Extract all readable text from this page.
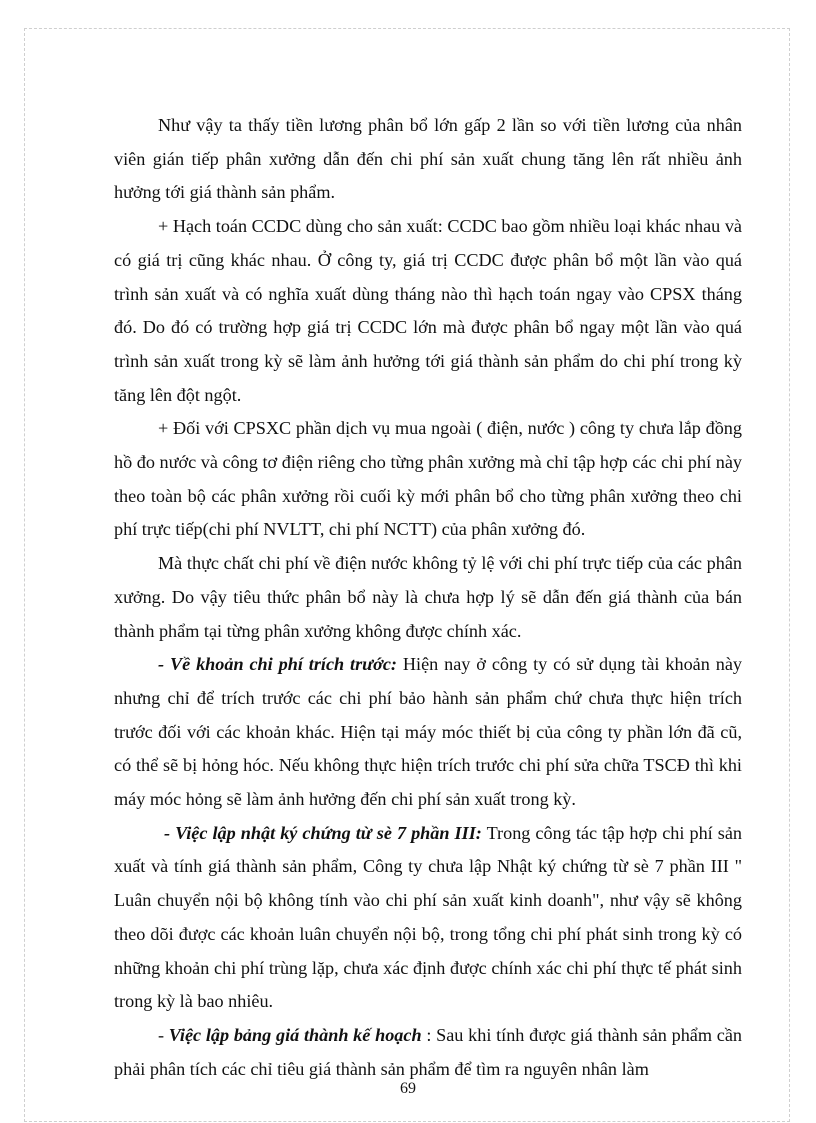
Như vậy ta thấy tiền lương phân bổ lớn gấp 2 lần so với tiền lương của nhân viên gián tiếp phân xưởng dẫn đến chi phí sản xuất chung tăng lên rất nhiều ảnh hưởng tới giá thành sản phẩm.

+ Hạch toán CCDC dùng cho sản xuất: CCDC bao gồm nhiều loại khác nhau và có giá trị cũng khác nhau. Ở công ty, giá trị CCDC được phân bổ một lần vào quá trình sản xuất và có nghĩa xuất dùng tháng nào thì hạch toán ngay vào CPSX tháng đó. Do đó có trường hợp giá trị CCDC lớn mà được phân bổ ngay một lần vào quá trình sản xuất trong kỳ sẽ làm ảnh hưởng tới giá thành sản phẩm do chi phí trong kỳ tăng lên đột ngột.

+ Đối với CPSXC phần dịch vụ mua ngoài ( điện, nước ) công ty chưa lắp đồng hồ đo nước và công tơ điện riêng cho từng phân xưởng mà chỉ tập hợp các chi phí này theo toàn bộ các phân xưởng rồi cuối kỳ mới phân bổ cho từng phân xưởng theo chi phí trực tiếp(chi phí NVLTT, chi phí NCTT) của phân xưởng đó.

Mà thực chất chi phí về điện nước không tỷ lệ với chi phí trực tiếp của các phân xưởng. Do vậy tiêu thức phân bổ này là chưa hợp lý sẽ dẫn đến giá thành của bán thành phẩm tại từng phân xưởng không được chính xác.

- Về khoản chi phí trích trước: Hiện nay ở công ty có sử dụng tài khoản này nhưng chỉ để trích trước các chi phí bảo hành sản phẩm chứ chưa thực hiện trích trước đối với các khoản khác. Hiện tại máy móc thiết bị của công ty phần lớn đã cũ, có thể sẽ bị hỏng hóc. Nếu không thực hiện trích trước chi phí sửa chữa TSCĐ thì khi máy móc hỏng sẽ làm ảnh hưởng đến chi phí sản xuất trong kỳ.

- Việc lập nhật ký chứng từ sè 7 phần III: Trong công tác tập hợp chi phí sản xuất và tính giá thành sản phẩm, Công ty chưa lập Nhật ký chứng từ sè 7 phần III " Luân chuyển nội bộ không tính vào chi phí sản xuất kinh doanh", như vậy sẽ không theo dõi được các khoản luân chuyển nội bộ, trong tổng chi phí phát sinh trong kỳ có những khoản chi phí trùng lặp, chưa xác định được chính xác chi phí thực tế phát sinh trong kỳ là bao nhiêu.

- Việc lập bảng giá thành kế hoạch : Sau khi tính được giá thành sản phẩm cần phải phân tích các chỉ tiêu giá thành sản phẩm để tìm ra nguyên nhân làm

69
